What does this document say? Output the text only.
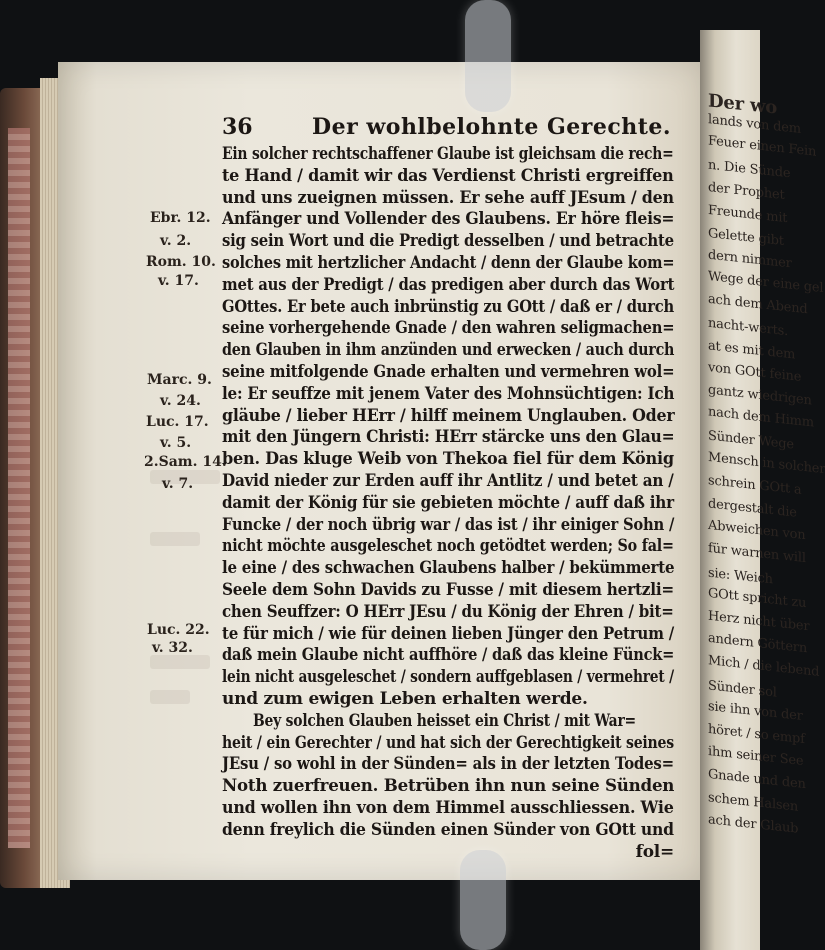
Der wo
lands von dem
Feuer einen Fein
n. Die Sünde
der Prophet
Freunde mit
Gelette gibt
dern nimmer
Wege der eine gel
ach dem Abend
nacht-werts.
at es mit dem
von GOtt feine
gantz wiedrigen
nach dem Himm
Sünder Wege
Mensch in solcher
schrein GOtt a
dergestalt die
Abweichen von
für warnen will
sie: Weich
GOtt spricht zu
Herz nicht über
andern Göttern
Mich / die lebend
Sünder sol
sie ihn von der
höret / so empf
ihm seiner See
Gnade und den
schem Halsen
ach der Glaub
Ebr. 12.
v. 2.
Rom. 10.
v. 17.
Marc. 9.
v. 24.
Luc. 17.
v. 5.
2.Sam. 14.
v. 7.
Luc. 22.
v. 32.
36	Der wohlbelohnte Gerechte.
Ein solcher rechtschaffener Glaube ist gleichsam die rech=
te Hand / damit wir das Verdienst Christi ergreiffen
und uns zueignen müssen. Er sehe auff JEsum / den
Anfänger und Vollender des Glaubens. Er höre fleis=
sig sein Wort und die Predigt desselben / und betrachte
solches mit hertzlicher Andacht / denn der Glaube kom=
met aus der Predigt / das predigen aber durch das Wort
GOttes. Er bete auch inbrünstig zu GOtt / daß er / durch
seine vorhergehende Gnade / den wahren seligmachen=
den Glauben in ihm anzünden und erwecken / auch durch
seine mitfolgende Gnade erhalten und vermehren wol=
le: Er seuffze mit jenem Vater des Mohnsüchtigen: Ich
gläube / lieber HErr / hilff meinem Unglauben. Oder
mit den Jüngern Christi: HErr stärcke uns den Glau=
ben. Das kluge Weib von Thekoa fiel für dem König
David nieder zur Erden auff ihr Antlitz / und betet an /
damit der König für sie gebieten möchte / auff daß ihr
Funcke / der noch übrig war / das ist / ihr einiger Sohn /
nicht möchte ausgeleschet noch getödtet werden; So fal=
le eine / des schwachen Glaubens halber / bekümmerte
Seele dem Sohn Davids zu Fusse / mit diesem hertzli=
chen Seuffzer: O HErr JEsu / du König der Ehren / bit=
te für mich / wie für deinen lieben Jünger den Petrum /
daß mein Glaube nicht auffhöre / daß das kleine Fünck=
lein nicht ausgeleschet / sondern auffgeblasen / vermehret /
und zum ewigen Leben erhalten werde.
Bey solchen Glauben heisset ein Christ / mit War=
heit / ein Gerechter / und hat sich der Gerechtigkeit seines
JEsu / so wohl in der Sünden= als in der letzten Todes=
Noth zuerfreuen. Betrüben ihn nun seine Sünden
und wollen ihn von dem Himmel ausschliessen. Wie
denn freylich die Sünden einen Sünder von GOtt und
fol=
